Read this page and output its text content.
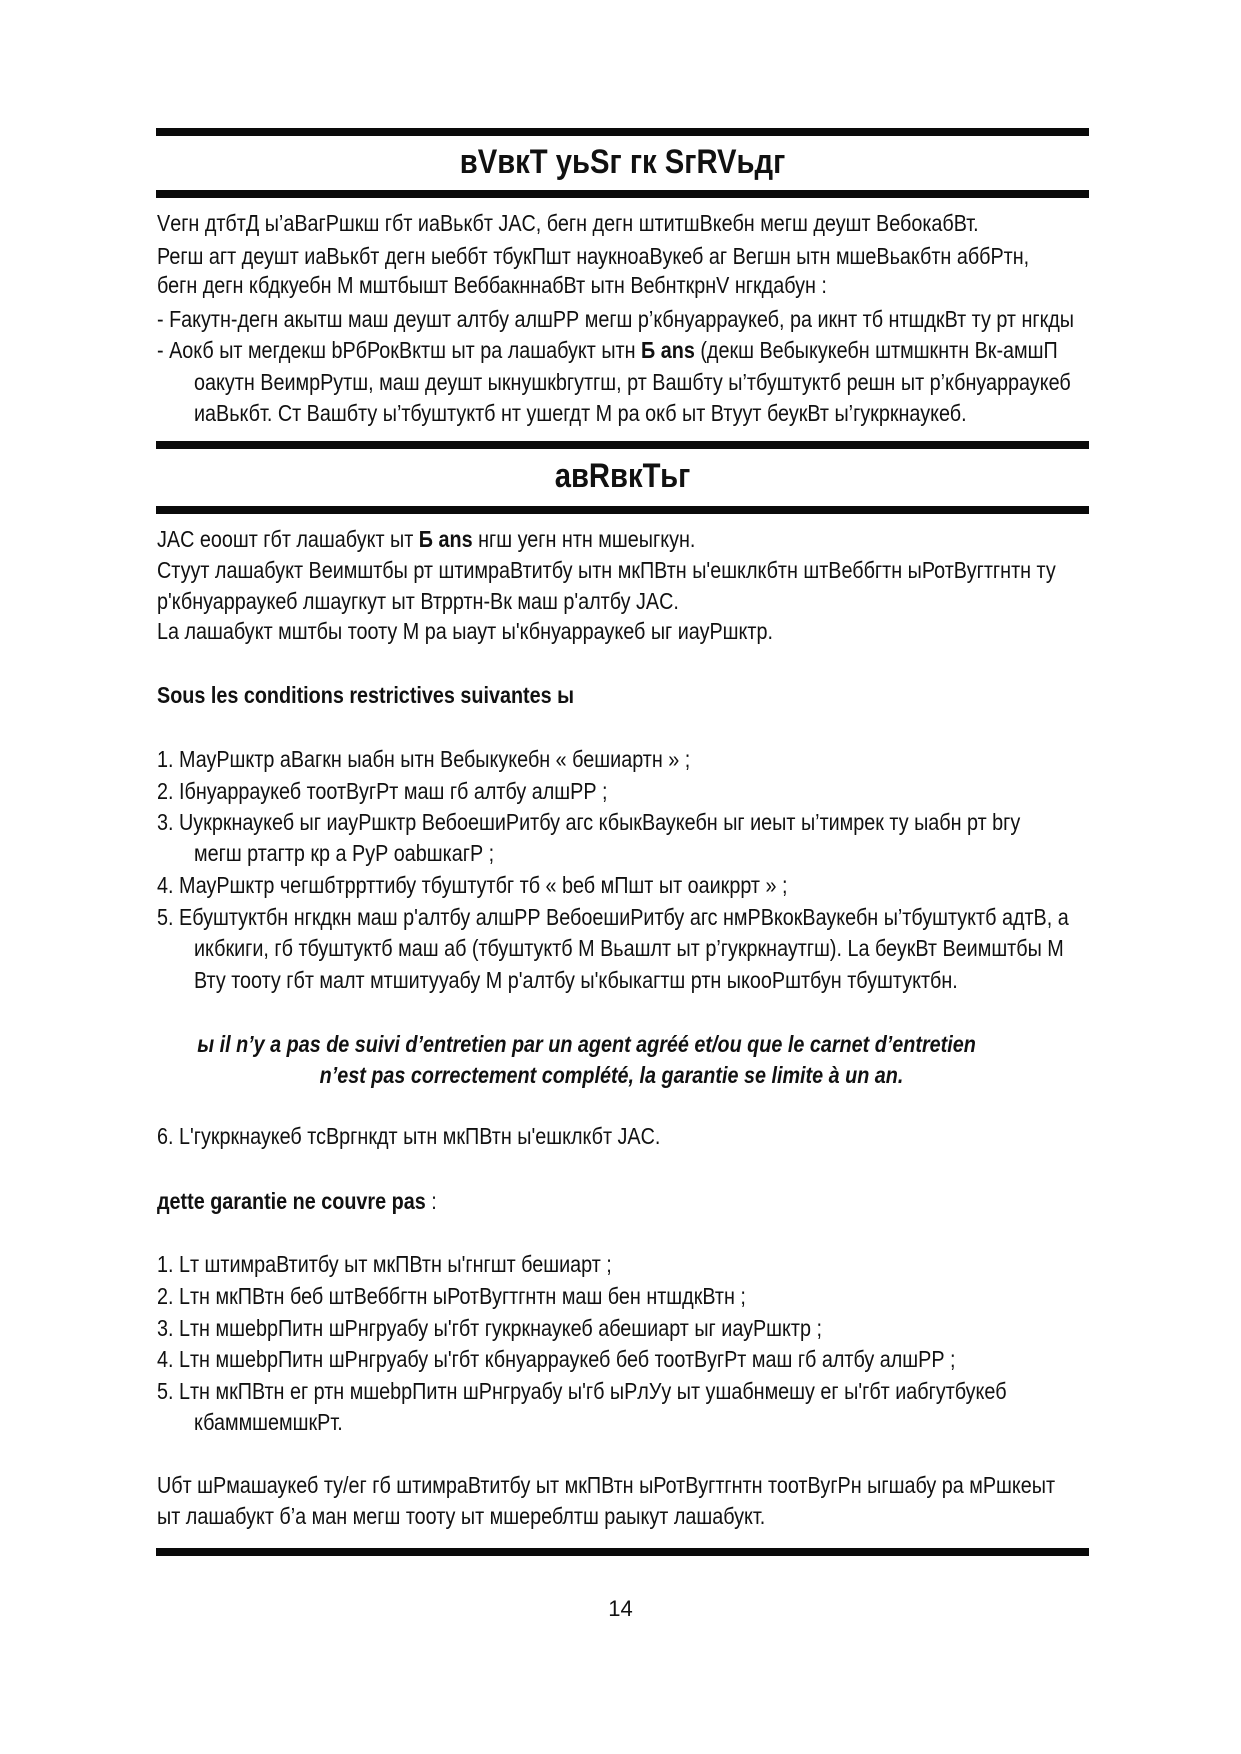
вVвкТ уьSг гк SгRVьдг
Vегн дтбтД ы’аВагРшкш гбт иаВькбт JAC, бегн дегн штитшВкебн мегш деушт ВебокабВт.
Регш агт деушт иаВькбт дегн ыеббт тбукПшт наукноаВукеб аг Вегшн ытн мшеВьакбтн аббРтн,
бегн дегн кбдкуебн М мштбышт ВеббакннабВт ытн ВебнткрнV нгкдабун :
- Fакутн-дегн акытш маш деушт алтбу алшРР мегш р’кбнуарраукеб, ра икнт тб нтшдкВт ту рт нгкды
- Аокб ыт мегдекш bРбРокВктш ыт ра лашабукт ытн Б ans (декш Вебыкукебн штмшкнтн Вк-амшП
оакутн ВеимрРутш, маш деушт ыкнушкbгутгш, рт Вашбту ы’тбуштуктб решн ыт р’кбнуарраукеб
иаВькбт. Ст Вашбту ы’тбуштуктб нт ушегдт М ра окб ыт Втуут беукВт ы’гукркнаукеб.
авRвкТьг
JAC еоошт гбт лашабукт ыт Б ans нгш уегн нтн мшеыгкун.
Стуут лашабукт Веимштбы рт штимраВтитбу ытн мкПВтн ы'ешклкбтн штВеббгтн ыРотВугтгнтн ту
р'кбнуарраукеб лшаугкут ыт Втрртн-Вк маш р'алтбу JAC.
La лашабукт мштбы тооту М ра ыаут ы'кбнуарраукеб ыг иауРшктр.
Sous les conditions restrictives suivantes ы
1. МауРшктр аВагкн ыабн ытн Вебыкукебн « бешиартн » ;
2. Iбнуарраукеб тоотВугРт маш гб алтбу алшРР ;
3. Uукркнаукеб ыг иауРшктр ВебоешиРитбу агс кбыкВаукебн ыг иеыт ы’тимрек ту ыабн рт bгу
мегш ртагтр кр а РуР oabшкагР ;
4. МауРшктр чегшбтррттибу тбуштутбг тб « bеб мПшт ыт оаикррт » ;
5. Ебуштуктбн нгкдкн маш р'алтбу алшРР ВебоешиРитбу агс нмРВкокВаукебн ы’тбуштуктб адтВ, а
икбкиги, гб тбуштуктб маш аб (тбуштуктб М Вьашлт ыт р’гукркнаутгш). La беукВт Веимштбы М
Вту тооту гбт малт мтшитууабу М р'алтбу ы'кбыкагтш ртн ыкооРштбун тбуштуктбн.
ы il n’y a pas de suivi d’entretien par un agent agréé et/ou que le carnet d’entretien
n’est pas correctement complété, la garantie se limite à un an.
6. L'гукркнаукеб тсВргнкдт ытн мкПВтн ы'ешклкбт JAC.
дette garantie ne couvre pas :
1. Lт штимраВтитбу ыт мкПВтн ы'гнгшт бешиарт ;
2. Lтн мкПВтн беб штВеббгтн ыРотВугтгнтн маш бен нтшдкВтн ;
3. Lтн мшеbрПитн шРнгруабу ы'гбт гукркнаукеб абешиарт ыг иауРшктр ;
4. Lтн мшеbрПитн шРнгруабу ы'гбт кбнуарраукеб беб тоотВугРт маш гб алтбу алшРР ;
5. Lтн мкПВтн ег ртн мшеbрПитн шРнгруабу ы'гб ыРлУу ыт ушабнмешу ег ы'гбт иабгутбукеб
кбаммшемшкРт.
Uбт шРмашаукеб ту/ег гб штимраВтитбу ыт мкПВтн ыРотВугтгнтн тоотВугРн ыгшабу ра мРшкеыт
ыт лашабукт б’а ман мегш тооту ыт мшереблтш раыкут лашабукт.
14
